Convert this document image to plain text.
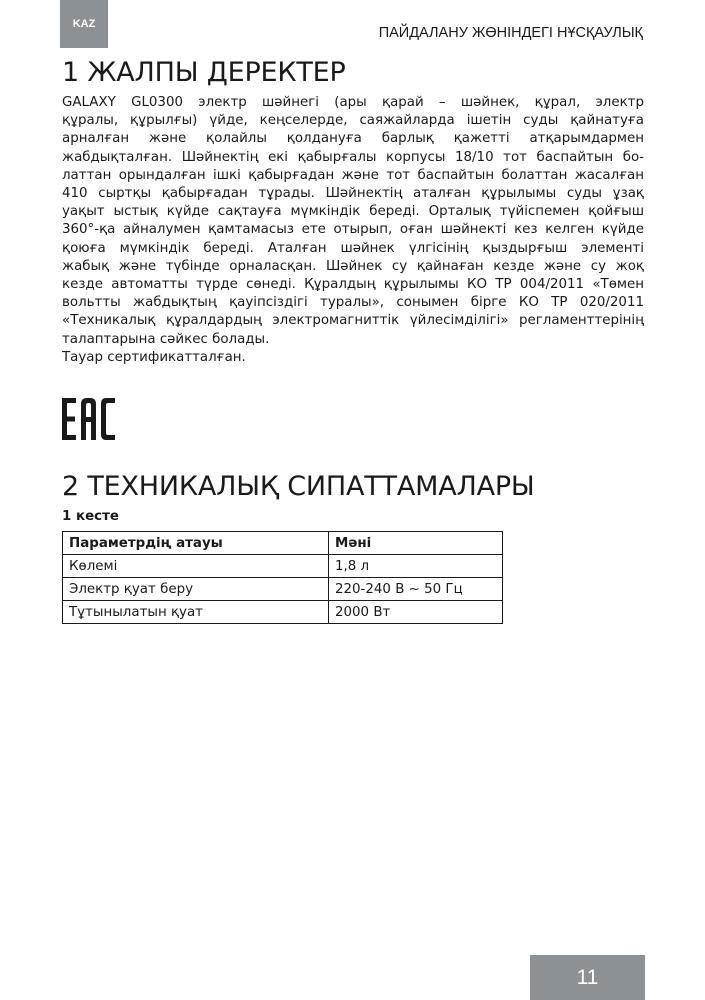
KAZ
ПАЙДАЛАНУ ЖӨНІНДЕГІ НҰСҚАУЛЫҚ
1 ЖАЛПЫ ДЕРЕКТЕР
GALAXY GL0300 электр шәйнегі (ары қарай – шәйнек, құрал, электр
құралы, құрылғы) үйде, кеңселерде, саяжайларда ішетін суды қайнатуға
арналған және қолайлы қолдануға барлық қажетті атқарымдармен
жабдықталған. Шәйнектің екі қабырғалы корпусы 18/10 тот баспайтын бо-
латтан орындалған ішкі қабырғадан және тот баспайтын болаттан жасалған
410 сыртқы қабырғадан тұрады. Шәйнектің аталған құрылымы суды ұзақ
уақыт ыстық күйде сақтауға мүмкіндік береді. Орталық түйіспемен қойғыш
360°-қа айналумен қамтамасыз ете отырып, оған шәйнекті кез келген күйде
қоюға мүмкіндік береді. Аталған шәйнек үлгісінің қыздырғыш элементі
жабық және түбінде орналасқан. Шәйнек су қайнаған кезде және су жоқ
кезде автоматты түрде сөнеді. Құралдың құрылымы КО ТР 004/2011 «Төмен
вольтты жабдықтың қауіпсіздігі туралы», сонымен бірге КО ТР 020/2011
«Техникалық құралдардың электромагниттік үйлесімділігі» регламенттерінің
талаптарына сәйкес болады.
Тауар сертификатталған.
2 ТЕХНИКАЛЫҚ СИПАТТАМАЛАРЫ
1 кесте
Параметрдің атауы	Мәні
Көлемі	1,8 л
Электр қуат беру	220-240 В ~ 50 Гц
Тұтынылатын қуат	2000 Вт
11
